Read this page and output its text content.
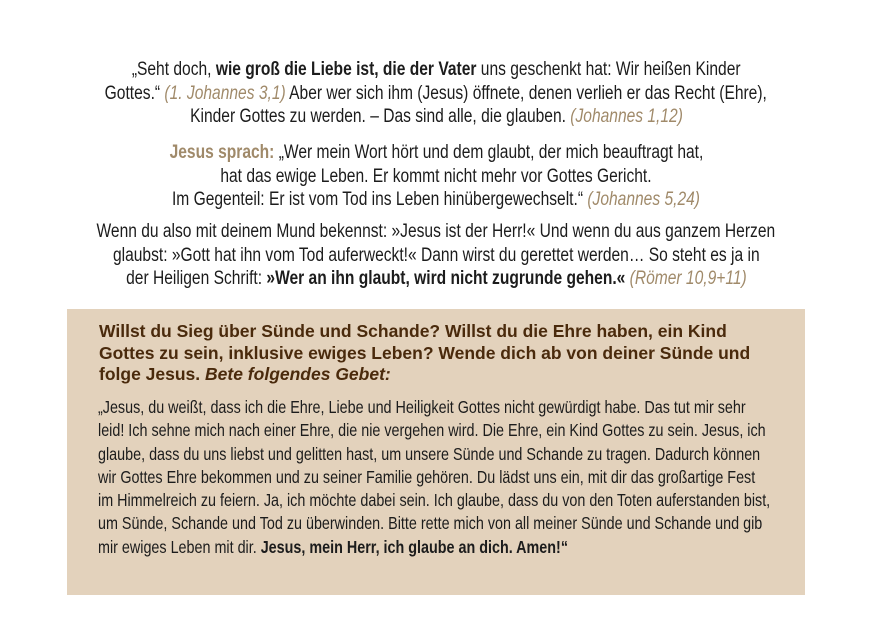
„Seht doch, wie groß die Liebe ist, die der Vater uns geschenkt hat: Wir heißen Kinder
Gottes.“ (1. Johannes 3,1) Aber wer sich ihm (Jesus) öffnete, denen verlieh er das Recht (Ehre),
Kinder Gottes zu werden. – Das sind alle, die glauben. (Johannes 1,12)
Jesus sprach: „Wer mein Wort hört und dem glaubt, der mich beauftragt hat,
hat das ewige Leben. Er kommt nicht mehr vor Gottes Gericht.
Im Gegenteil: Er ist vom Tod ins Leben hinübergewechselt.“ (Johannes 5,24)
Wenn du also mit deinem Mund bekennst: »Jesus ist der Herr!« Und wenn du aus ganzem Herzen
glaubst: »Gott hat ihn vom Tod auferweckt!« Dann wirst du gerettet werden… So steht es ja in
der Heiligen Schrift: »Wer an ihn glaubt, wird nicht zugrunde gehen.« (Römer 10,9+11)
Willst du Sieg über Sünde und Schande? Willst du die Ehre haben, ein Kind
Gottes zu sein, inklusive ewiges Leben? Wende dich ab von deiner Sünde und
folge Jesus. Bete folgendes Gebet:
„Jesus, du weißt, dass ich die Ehre, Liebe und Heiligkeit Gottes nicht gewürdigt habe. Das tut mir sehr
leid! Ich sehne mich nach einer Ehre, die nie vergehen wird. Die Ehre, ein Kind Gottes zu sein. Jesus, ich
glaube, dass du uns liebst und gelitten hast, um unsere Sünde und Schande zu tragen. Dadurch können
wir Gottes Ehre bekommen und zu seiner Familie gehören. Du lädst uns ein, mit dir das großartige Fest
im Himmelreich zu feiern. Ja, ich möchte dabei sein. Ich glaube, dass du von den Toten auferstanden bist,
um Sünde, Schande und Tod zu überwinden. Bitte rette mich von all meiner Sünde und Schande und gib
mir ewiges Leben mit dir. Jesus, mein Herr, ich glaube an dich. Amen!“
